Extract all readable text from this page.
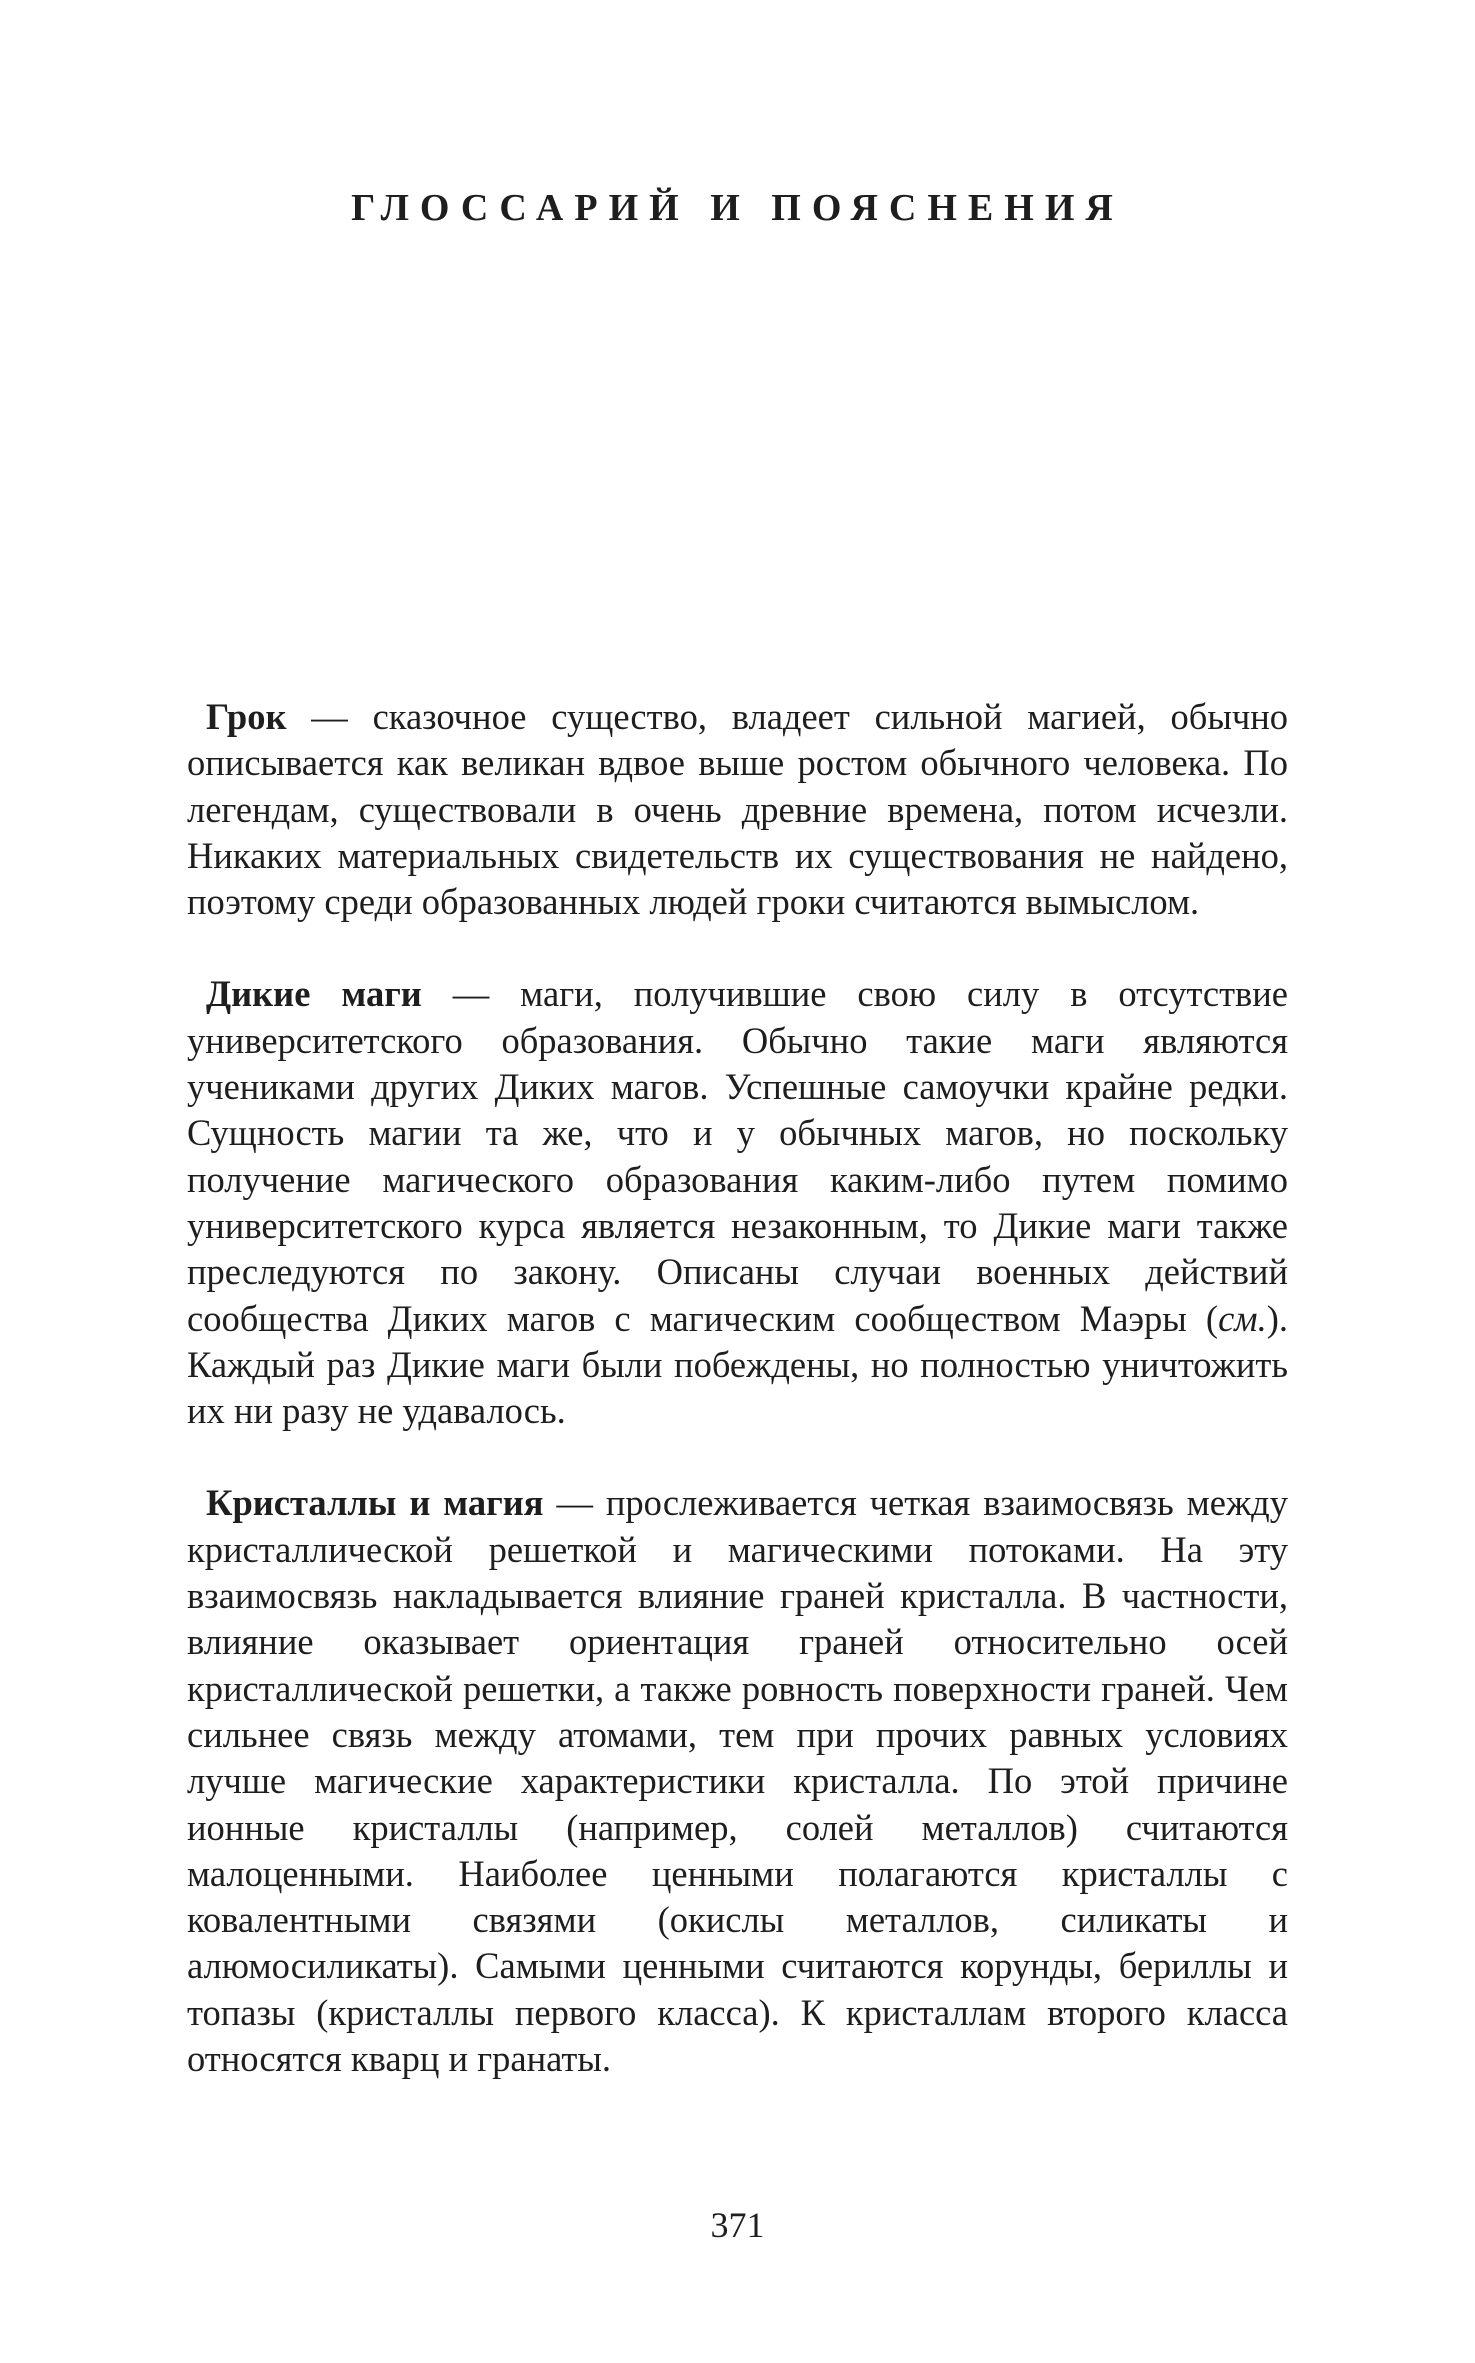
ГЛОССАРИЙ И ПОЯСНЕНИЯ

Грок — сказочное существо, владеет сильной магией, обычно описывается как великан вдвое выше ростом обычного человека. По легендам, существовали в очень древние времена, потом исчезли. Никаких материальных свидетельств их существования не найдено, поэтому среди образованных людей гроки считаются вымыслом.

Дикие маги — маги, получившие свою силу в отсутствие университетского образования. Обычно такие маги являются учениками других Диких магов. Успешные самоучки крайне редки. Сущность магии та же, что и у обычных магов, но поскольку получение магического образования каким-либо путем помимо университетского курса является незаконным, то Дикие маги также преследуются по закону. Описаны случаи военных действий сообщества Диких магов с магическим сообществом Маэры (см.). Каждый раз Дикие маги были побеждены, но полностью уничтожить их ни разу не удавалось.

Кристаллы и магия — прослеживается четкая взаимосвязь между кристаллической решеткой и магическими потоками. На эту взаимосвязь накладывается влияние граней кристалла. В частности, влияние оказывает ориентация граней относительно осей кристаллической решетки, а также ровность поверхности граней. Чем сильнее связь между атомами, тем при прочих равных условиях лучше магические характеристики кристалла. По этой причине ионные кристаллы (например, солей металлов) считаются малоценными. Наиболее ценными полагаются кристаллы с ковалентными связями (окислы металлов, силикаты и алюмосиликаты). Самыми ценными считаются корунды, бериллы и топазы (кристаллы первого класса). К кристаллам второго класса относятся кварц и гранаты.

371
